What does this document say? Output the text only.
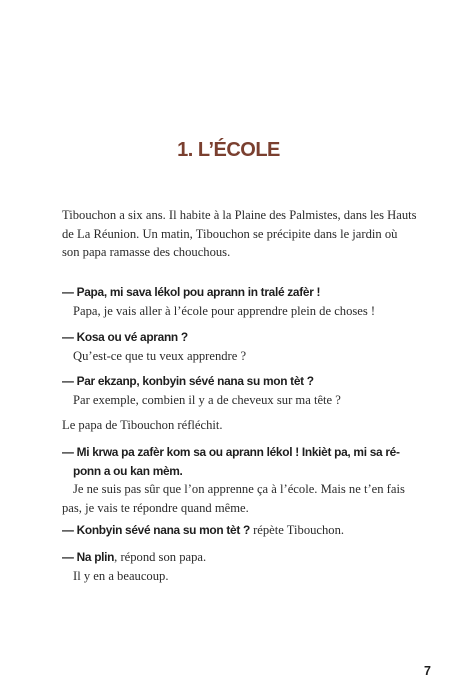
1. L’ÉCOLE

Tibouchon a six ans. Il habite à la Plaine des Palmistes, dans les Hauts
de La Réunion. Un matin, Tibouchon se précipite dans le jardin où
son papa ramasse des chouchous.

— Papa, mi sava lékol pou aprann in tralé zafèr !
Papa, je vais aller à l’école pour apprendre plein de choses !

— Kosa ou vé aprann ?
Qu’est-ce que tu veux apprendre ?

— Par ekzanp, konbyin sévé nana su mon tèt ?
Par exemple, combien il y a de cheveux sur ma tête ?

Le papa de Tibouchon réfléchit.

— Mi krwa pa zafèr kom sa ou aprann lékol ! Inkièt pa, mi sa ré-
ponn a ou kan mèm.
Je ne suis pas sûr que l’on apprenne ça à l’école. Mais ne t’en fais
pas, je vais te répondre quand même.

— Konbyin sévé nana su mon tèt ? répète Tibouchon.

— Na plin, répond son papa.
Il y en a beaucoup.

7
